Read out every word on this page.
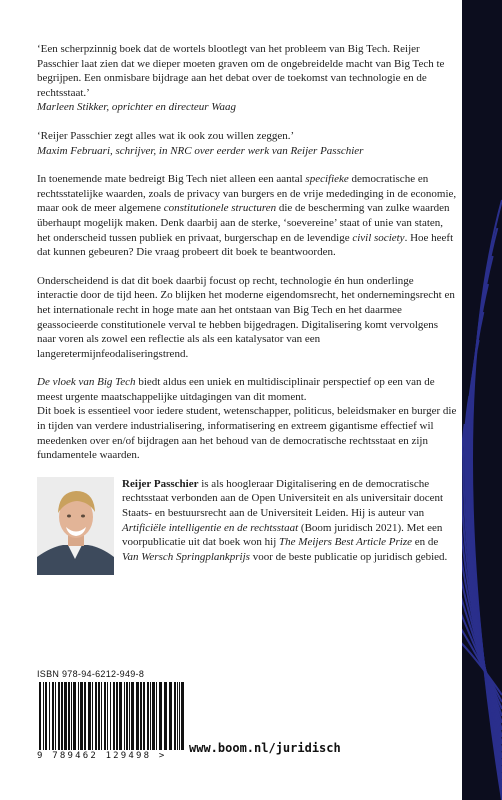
‘Een scherpzinnig boek dat de wortels blootlegt van het probleem van Big Tech. Reijer Passchier laat zien dat we dieper moeten graven om de ongebreidelde macht van Big Tech te begrijpen. Een onmisbare bijdrage aan het debat over de toekomst van technologie en de rechtsstaat.’
Marleen Stikker, oprichter en directeur Waag

‘Reijer Passchier zegt alles wat ik ook zou willen zeggen.’
Maxim Februari, schrijver, in NRC over eerder werk van Reijer Passchier

In toenemende mate bedreigt Big Tech niet alleen een aantal specifieke democratische en rechtsstatelijke waarden, zoals de privacy van burgers en de vrije mededinging in de economie, maar ook de meer algemene constitutionele structuren die de bescherming van zulke waarden überhaupt mogelijk maken. Denk daarbij aan de sterke, ‘soevereine’ staat of unie van staten, het onderscheid tussen publiek en privaat, burgerschap en de levendige civil society. Hoe heeft dat kunnen gebeuren? Die vraag probeert dit boek te beantwoorden.

Onderscheidend is dat dit boek daarbij focust op recht, technologie én hun onderlinge interactie door de tijd heen. Zo blijken het moderne eigendomsrecht, het ondernemingsrecht en het internationale recht in hoge mate aan het ontstaan van Big Tech en het daarmee geassocieerde constitutionele verval te hebben bijgedragen. Digitalisering komt vervolgens naar voren als zowel een reflectie als als een katalysator van een langeretermijnfeodaliseringstrend.

De vloek van Big Tech biedt aldus een uniek en multidisciplinair perspectief op een van de meest urgente maatschappelijke uitdagingen van dit moment.
Dit boek is essentieel voor iedere student, wetenschapper, politicus, beleidsmaker en burger die in tijden van verdere industrialisering, informatisering en extreem gigantisme effectief wil meedenken over en/of bijdragen aan het behoud van de democratische rechtsstaat en zijn fundamentele waarden.

Reijer Passchier is als hoogleraar Digitalisering en de democratische rechtsstaat verbonden aan de Open Universiteit en als universitair docent Staats- en bestuursrecht aan de Universiteit Leiden. Hij is auteur van Artificiële intelligentie en de rechtsstaat (Boom juridisch 2021). Met een voorpublicatie uit dat boek won hij The Meijers Best Article Prize en de Van Wersch Springplankprijs voor de beste publicatie op juridisch gebied.
ISBN 978-94-6212-949-8
9 789462 129498 >
www.boom.nl/juridisch
